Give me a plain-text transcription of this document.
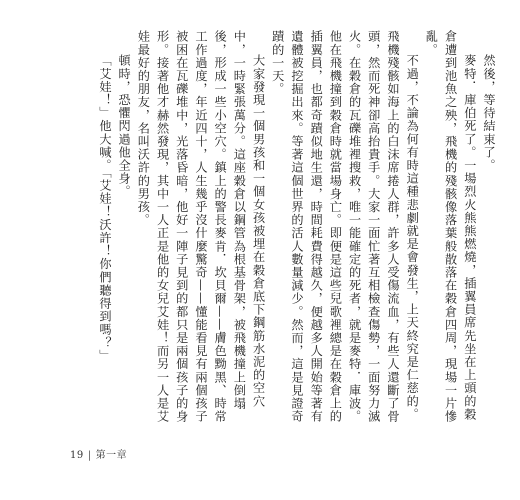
然後，等待結束了。

麥特．庫伯死了。一場烈火熊熊燃燒，插翼員席先坐在上頭的穀倉遭到池魚之殃，飛機的殘骸像落葉般散落在穀倉四周，現場一片慘亂。

不過，不論為何有時這種悲劇就是會發生，上天終究是仁慈的。飛機殘骸如海上的白沫席捲人群，許多人受傷流血，有些人還斷了骨頭，然而死神卻高抬貴手。大家一面忙著互相檢查傷勢，一面努力滅火。在穀倉的瓦礫堆裡搜救，唯一能確定的死者，就是麥特．庫波。他在飛機撞到穀倉時就當場身亡。即便是這些兒歌裡總是在穀倉上的插翼員，也都奇蹟似地生還，時間耗費得越久，便越多人開始等著有遺體被挖掘出來。等著這個世界的活人數量減少。然而，這是見證奇蹟的一天。

大家發現一個男孩和一個女孩被埋在穀倉底下鋼筋水泥的空穴中，一時緊張萬分。這座穀倉以鋼管為根基骨架，被飛機撞上倒塌後，形成一些小空穴。鎮上的警長麥肯．坎貝爾——膚色黝黑、時常工作過度，年近四十，人生幾乎沒什麼驚奇——懂能看見有兩個孩子被困在瓦礫堆中，光落昏暗，他好一陣子見到的都只是兩個孩子的身形。接著他才赫然發現，其中一人正是他的女兒艾娃！而另一人是艾娃最好的朋友，名叫沃許的男孩。

頓時，恐懼閃過他全身。

「艾娃！」他大喊。「艾娃！沃許！你們聽得到嗎？」

19 | 第一章
